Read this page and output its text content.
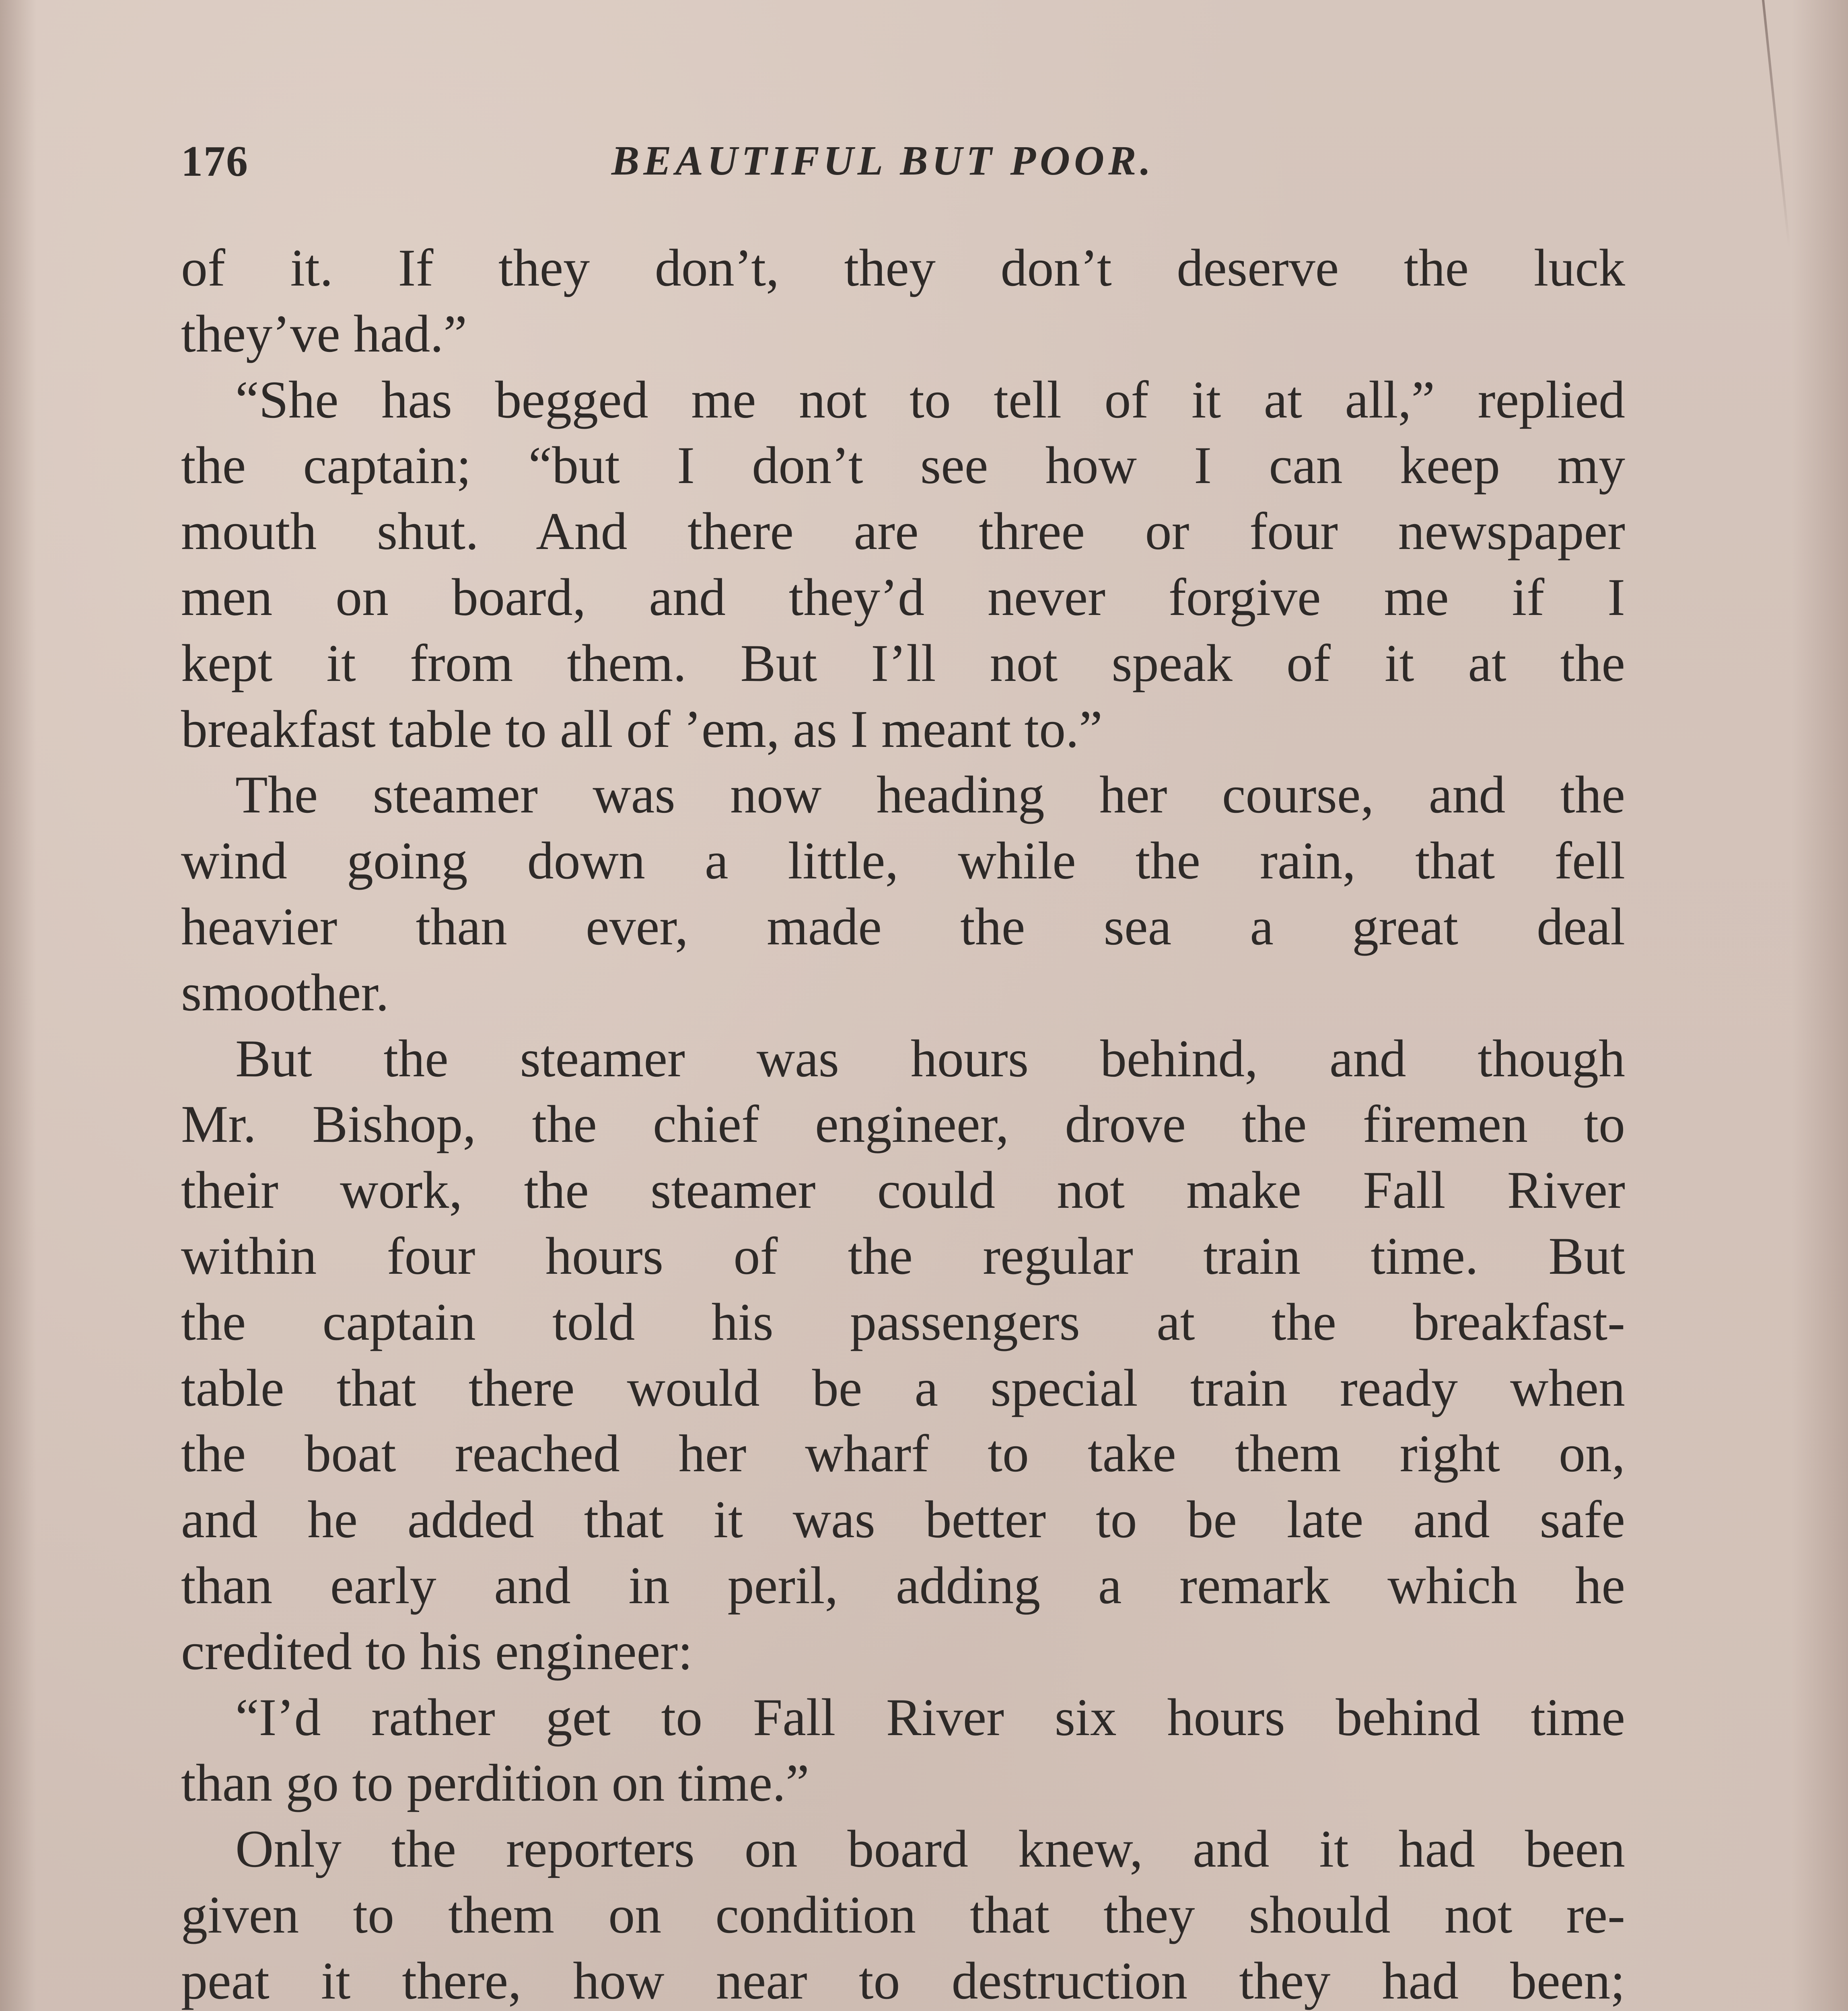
176	BEAUTIFUL BUT POOR.
of it. If they don’t, they don’t deserve the luck
they’ve had.”
“She has begged me not to tell of it at all,” replied
the captain; “but I don’t see how I can keep my
mouth shut. And there are three or four newspaper
men on board, and they’d never forgive me if I
kept it from them. But I’ll not speak of it at the
breakfast table to all of ’em, as I meant to.”
The steamer was now heading her course, and the
wind going down a little, while the rain, that fell
heavier than ever, made the sea a great deal
smoother.
But the steamer was hours behind, and though
Mr. Bishop, the chief engineer, drove the firemen to
their work, the steamer could not make Fall River
within four hours of the regular train time. But
the captain told his passengers at the breakfast-
table that there would be a special train ready when
the boat reached her wharf to take them right on,
and he added that it was better to be late and safe
than early and in peril, adding a remark which he
credited to his engineer:
“I’d rather get to Fall River six hours behind time
than go to perdition on time.”
Only the reporters on board knew, and it had been
given to them on condition that they should not re-
peat it there, how near to destruction they had been;
